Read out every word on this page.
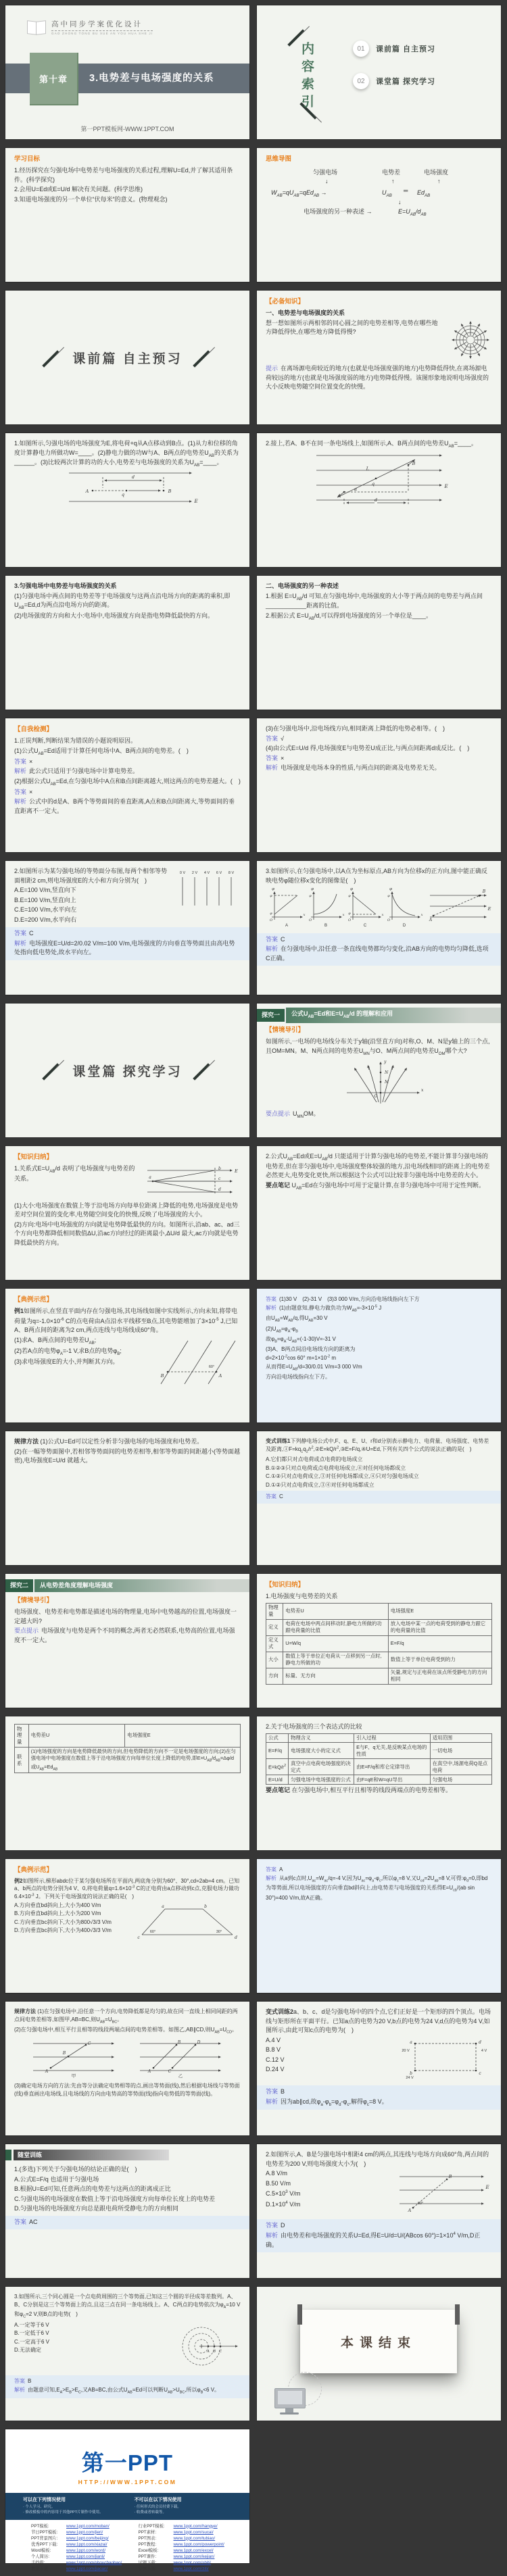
高中同步学案优化设计
GAO ZHONG TONG BU XUE AN YOU HUA SHE JI
第十章	3.电势差与电场强度的关系
第一PPT模板网-WWW.1PPT.COM
内容索引	01	课前篇 自主预习
02	课堂篇 探究学习
学习目标

1.经历探究在匀强电场中电势差与电场强度的关系过程,理解U=Ed,并了解其适用条件。(科学探究)

2.会用U=Ed或E=U/d 解决有关问题。(科学思维)

3.知道电场强度的另一个单位“伏每米”的意义。(物理观念)

思维导图
匀强电场	电势差	电场强度
↓	↑	↑
$W_{AB}=qU_{AB}=qEd_{AB}$ →	$U_{AB}$
═ $Ed_{AB}$
↓
电场强度的另一种表述 →	$E=U_{AB}/d_{AB}$
课前篇 自主预习
【必备知识】

一、电势差与电场强度的关系

想一想如图所示两相邻的同心圆之间的电势差相等,电势在哪些地方降低得快,在哪些地方降低得慢?

提示 在离场源电荷较近的地方(也就是电场强度强的地方)电势降低得快,在离场源电荷较远的地方(也就是电场强度弱的地方)电势降低得慢。该图形象地说明电场强度的大小反映电势随空间位置变化的快慢。

1.如图所示,匀强电场的电场强度为E,将电荷+q从A点移动到B点。(1)从力和位移的角度计算静电力所做功W=____。(2)静电力做的功W与A、B两点的电势差$U_{AB}$的关系为______。(3)比较两次计算的功的大小,电势差与电场强度的关系为$U_{AB}=\_\_\_\_$。

d
A
q
B
E

2.接上,若A、B不在同一条电场线上,如图所示,A、B两点间的电势差$U_{AB}=\_\_\_\_$。

L
q
B
A
α	E
d

3.匀强电场中电势差与电场强度的关系

(1)匀强电场中两点间的电势差等于电场强度与这两点沿电场方向的距离的乘积,即$U_{AB}=Ed,d$为两点沿电场方向的距离。

(2)电场强度的方向和大小:电场中,电场强度方向是指电势降低最快的方向。

二、电场强度的另一种表述

1.根据 $E=U_{AB}/d$ 可知,在匀强电场中,电场强度的大小等于两点间的电势差与两点间____________距离的比值。

2.根据公式 $E=U_{AB}/d$,可以得到电场强度的另一个单位是____。

【自我检测】

1.正误判断,判断结果为错误的小题说明原因。

(1)公式$U_{AB}=Ed$适用于计算任何电场中A、B两点间的电势差。(　)

答案 ×
解析 此公式只适用于匀强电场中计算电势差。

(2)根据公式$U_{AB}=Ed$,在匀强电场中A点和B点间距离越大,则这两点的电势差越大。(　)

答案 ×
解析 公式中的d是A、B两个等势面间的垂直距离,A点和B点间距离大,等势面间的垂直距离不一定大。

(3)在匀强电场中,沿电场线方向,相同距离上降低的电势必相等。(　)

答案 √

(4)由公式E=U/d 得,电场强度E与电势差U成正比,与两点间距离d成反比。(　)

答案 ×
解析 电场强度是电场本身的性质,与两点间的距离及电势差无关。

2.如图所示为某匀强电场的等势面分布图,每两个相邻等势面相距2 cm,则电场强度E的大小和方向分别为(　)

A.E=100 V/m,竖直向下

B.E=100 V/m,竖直向上

C.E=100 V/m,水平向左

D.E=200 V/m,水平向右

0 V 2 V 4 V 6 V 8 V
答案 C
解析 电场强度E=U/d=2/0.02 V/m=100 V/m,电场强度的方向垂直等势面且由高电势处指向低电势处,故水平向左。

3.如图所示,在匀强电场中,以A点为坐标原点,AB方向为位移x的正方向,图中能正确反映电势φ随位移x变化的图像是(　)

φ
O
x
A
φ
φ
φ
O
x
B
φ
φ
O
x
C
φ
φ
φ
O
x
D
φ
A
B
E
答案 C
解析 在匀强电场中,沿任意一条直线电势都均匀变化,沿AB方向的电势均匀降低,选项C正确。
课堂篇 探究学习
探究一	公式$U_{AB}=Ed$和$E=U_{AB}/d$ 的理解和应用
【情境导引】

如图所示,一电场的电场线分布关于y轴(沿竖直方向)对称,O、M、N是y轴上的三个点,且OM=MN。M、N两点间的电势差$U_{MN}$与O、M两点间的电势差$U_{OM}$哪个大?

N
M
O
y
x
要点提示 $U_{MN}OM$。
【知识归纳】

1.关系式$E=U_{AB}/d$ 表明了电场强度与电势差的关系。	a
b
c
d
E

(1)大小:电场强度在数值上等于沿电场方向每单位距离上降低的电势,电场强度是电势差对空间位置的变化率,电势随空间变化的快慢,反映了电场强度的大小。

(2)方向:电场中电场强度的方向就是电势降低最快的方向。如图所示,沿ab、ac、ad三个方向电势都降低相同数值ΔU,沿ac方向经过的距离最小,ΔU/d 最大,ac方向就是电势降低最快的方向。

2.公式$U_{AB}=Ed$或$E=U_{AB}/d$ 只能适用于计算匀强电场的电势差,不能计算非匀强电场的电势差,但在非匀强电场中,电场强度整体较强的地方,沿电场线相同的距离上的电势差必然更大,电势变化更快,所以根据这个公式可以比较非匀强电场中电势差的大小。

要点笔记 $U_{AB}=Ed$在匀强电场中可用于定量计算,在非匀强电场中可用于定性判断。

【典例示范】

例1如图所示,在竖直平面内存在匀强电场,其电场线如图中实线所示,方向未知,将带电荷量为$q=-1.0\times 10^{-6}$ C的点电荷由A点沿水平线移至B点,其电势能增加了$3\times 10^{-5}$ J,已知A、B两点间的距离为2 cm,两点连线与电场线成60°角。

(1)求A、B两点间的电势差$U_{AB}$;

(2)若A点的电势$\varphi_A=-1$ V,求B点的电势$\varphi_B$;

(3)求电场强度E的大小,并判断其方向。

B	A
60°
答案 (1)30 V　(2)-31 V　(3)3 000 V/m,方向沿电场线指向左下方
解析 (1)由题意知,静电力做负功为$W_{AB}=-3\times 10^{-5}$ J

由$U_{AB}=W_{AB}/q$,得$U_{AB}=30$ V

$(2)U_{AB}=\varphi_A-\varphi_B$

故$\varphi_B=\varphi_A-U_{AB}=(-1-30)V=-31$ V

(3)A、B两点间沿电场线方向的距离为

$d=2\times 10^{-2}\cos$ 60° $m=1\times 10^{-2}$ m

从而得$E=U_{AB}/d=30/0.01$ V/m=3 000 V/m

方向沿电场线指向左下方。

规律方法 (1)公式U=Ed可以定性分析非匀强电场的电场强度和电势差。

(2)在一幅等势面图中,若相邻等势面间的电势差相等,相邻等势面的间距越小(等势面越密),电场强度E=U/d 就越大。

变式训练1下列静电场公式中,F、q、E、U、r和d分别表示静电力、电荷量、电场强度、电势差及距离$,①F=kq_1q_2/r^2,②E=kQ/r^2,③E=F/q,④U=Ed$,下列有关四个公式的说法正确的是(　)

A.它们都只对点电荷或点电荷的电场成立

B.①②③只对点电荷或点电荷电场成立,④对任何电场都成立

C.①②只对点电荷成立,③对任何电场都成立,④只对匀强电场成立

D.①②只对点电荷成立,③④对任何电场都成立

答案 C
探究二	从电势差角度理解电场强度
【情境导引】

电场强度、电势差和电势都是描述电场的物理量,电场中电势越高的位置,电场强度一定越大吗?

要点提示 电场强度与电势是两个不同的概念,两者无必然联系,电势高的位置,电场强度不一定大。
【知识归纳】

1.电场强度与电势差的关系

物理量	电势差U	电场强度E
定义	电荷在电场中两点间移动时,静电力所做的功跟电荷量的比值	放入电场中某一点的电荷受到的静电力跟它的电荷量的比值
定义式	U=W/q	E=F/q
大小	数值上等于单位正电荷从一点移到另一点时,静电力所做的功	数值上等于单位电荷受到的力
方向	标量、无方向	矢量,规定与正电荷在该点所受静电力的方向相同
物理量	电势差U	电场强度E
联系	(1)电场强度的方向是电势降低最快的方向,但电势降低的方向不一定是电场强度的方向;(2)在匀强电场中电场强度在数值上等于沿电场强度方向每单位长度上降低的电势,即$E=U_{AB}/d_{AB}=\Delta\varphi/d$ 或$U_{AB}=Ed_{AB}$

2.关于电场强度的三个表达式的比较

公式	物理含义	引入过程	适用范围
E=F/q	电场强度大小的定义式	E与F、q无关,是反映某点电场的性质	一切电场
$E=kQ/r^2$	真空中点电荷电场强度的决定式	由E=F/q和库仑定律导出	在真空中,场源电荷Q是点电荷
E=U/d	匀强电场中电场强度的公式	由F=qE和W=qU导出	匀强电场

要点笔记 在匀强电场中,相互平行且相等的线段两端点的电势差相等。

【典例示范】

例2如图所示,梯形abdc位于某匀强电场所在平面内,两底角分别为60°、30°,cd=2ab=4 cm。已知a、b两点的电势分别为4 V、0,将电荷量$q=1.6\times 10^{-3}$ C的正电荷由a点移动到c点,克服电场力做功$6.4\times 10^{-3}$ J。下列关于电场强度的说法正确的是(　)

A.方向垂直bd斜向上,大小为400 V/m

B.方向垂直bd斜向上,大小为200 V/m

C.方向垂直bc斜向下,大小为800√3/3 V/m

D.方向垂直bc斜向下,大小为400√3/3 V/m

a	b
c	d
60°	30°
答案 A
解析 从a到c点时$,U_{ac}=W_{ac}/q=-4$ V,因为$U_{ac}=\varphi_a-\varphi_c$,所以$\varphi_c=8$ V,又$U_{cd}=2U_{ab}=8$ V,可得$:\varphi_d=0$,即bd为等势面,所以电场强度的方向垂直bd斜向上,由电势差与电场强度的关系得$E=U_{cb}/(ab$ sin 30°)=400 V/m,故A正确。

规律方法 (1)在匀强电场中,沿任意一个方向,电势降低都是均匀的,故在同一直线上相同间距的两点间电势差相等,如图甲,AB=BC,则$U_{AB}=U_{BC}$。

(2)在匀强电场中,相互平行且相等的线段两端点间的电势差相等。如图乙,AB∥CD,则$U_{AB}=U_{CD}$。

A
B
C
甲
A
B
C
D
乙

(3)确定电场方向的方法:先由等分法确定电势相等的点,画出等势面(线),然后根据电场线与等势面(线)垂直画出电场线,且电场线的方向由电势高的等势面(线)指向电势低的等势面(线)。

变式训练2a、b、c、d是匀强电场中的四个点,它们正好是一个矩形的四个顶点。电场线与矩形所在平面平行。已知a点的电势为20 V,b点的电势为24 V,d点的电势为4 V,如图所示,由此可知c点的电势为(　)

A.4 V

B.8 V

C.12 V

D.24 V

a	d
b	c
20 V	4 V
24 V
答案 B
解析 因为ab∥cd,故$\varphi_a-\varphi_b=\varphi_d-\varphi_c$,解得$\varphi_c=8$ V。
随堂训练

1.(多选)下列关于匀强电场的结论正确的是(　)

A.公式E=F/q 也适用于匀强电场

B.根据U=Ed可知,任意两点的电势差与这两点的距离成正比

C.匀强电场的电场强度在数值上等于沿电场强度方向每单位长度上的电势差

D.匀强电场的电场强度方向总是跟电荷所受静电力的方向相同

答案 AC

2.如图所示,A、B是匀强电场中相距4 cm的两点,其连线与电场方向成60°角,两点间的电势差为200 V,则电场强度大小为(　)

A.8 V/m

B.50 V/m

$C.5\times 10^3$ V/m

$D.1\times 10^4$ V/m

B
A
E
60°
答案 D
解析 由电势差和电场强度的关系U=Ed,得E=U/d=U/(ABcos $60^\circ)=1\times 10^4$ V/m,D正确。

3.如图所示,三个同心圆是一个点电荷周围的三个等势面,已知这三个圆的半径成等差数列。A、B、C分别是这三个等势面上的点,且这三点在同一条电场线上。A、C两点的电势依次为$\varphi_A=10$ V和$\varphi_C=2$ V,则B点的电势(　)

A.一定等于6 V

B.一定低于6 V

C.一定高于6 V

D.无法确定	A B C
答案 B
解析 由题意可知$,E_A>E_B>E_C$,又AB=BC,由公式$U_{AB}=Ed$可以判断$U_{AB}>U_{BC}$,所以$\varphi_B<6$ V。
本课结束
第一PPT
HTTP://WWW.1PPT.COM
可以在下列情况使用
· 个人学习、研究。
· 修改模板中的内容用于其他PPT片制作中使用。
不可以在以下情况使用
· 任何形式的会员付费下载。
· 收费或者转载等。
PPT模板:	www.1ppt.com/moban/
节日PPT模板: www.1ppt.com/jieri/
PPT背景图片: www.1ppt.com/beijing/
优秀PPT下载: www.1ppt.com/xiazai/
Word模板:	www.1ppt.com/word/
个人简历:	www.1ppt.com/jianli/
手抄报:	www.1ppt.com/shouchaobao/
教案下载:	www.1ppt.com/jiaoan/
行业PPT模板: www.1ppt.com/hangye/
PPT素材:	www.1ppt.com/sucai/
PPT图表:	www.1ppt.com/tubiao/
PPT教程:	www.1ppt.com/powerpoint/
Excel模板:	www.1ppt.com/excel/
PPT课件:	www.1ppt.com/kejian/
试题下载:	www.1ppt.com/shiti/
字体下载:	www.1ppt.com/ziti/
